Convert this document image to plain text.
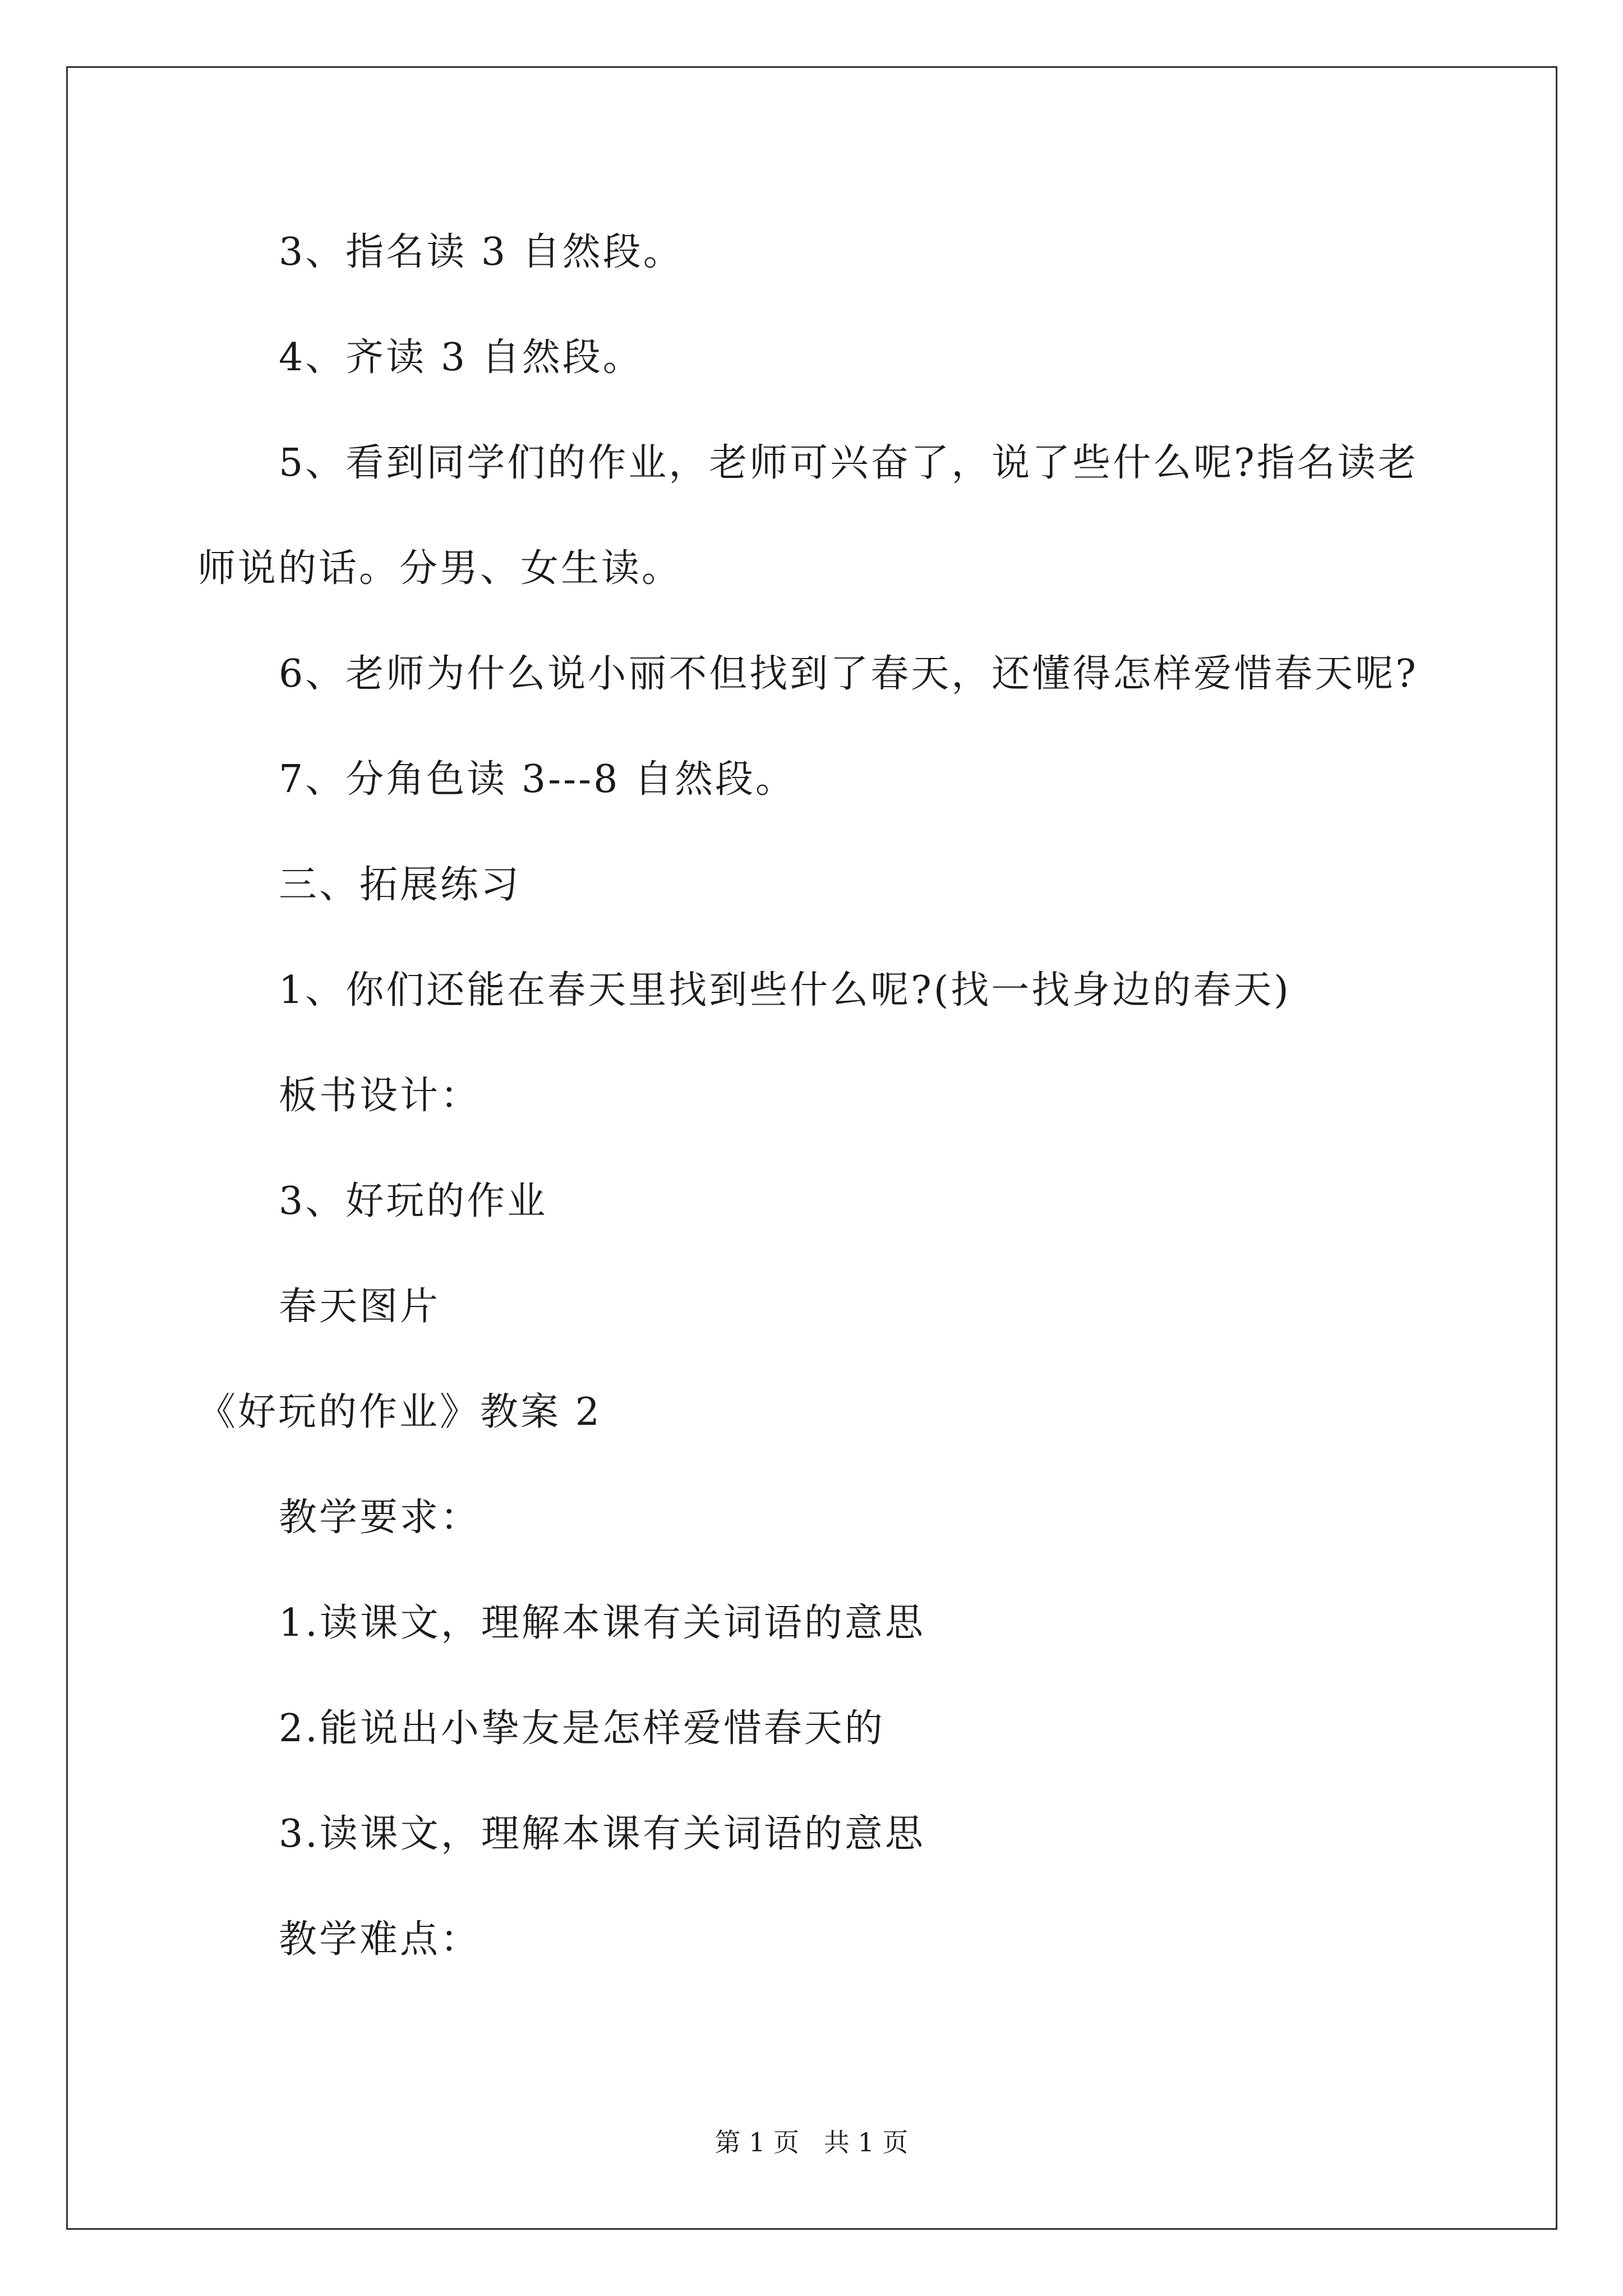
3、指名读 3 自然段。
4、齐读 3 自然段。
5、看到同学们的作业，老师可兴奋了，说了些什么呢?指名读老
师说的话。分男、女生读。
6、老师为什么说小丽不但找到了春天，还懂得怎样爱惜春天呢?
7、分角色读 3---8 自然段。
三、拓展练习
1、你们还能在春天里找到些什么呢?(找一找身边的春天)
板书设计：
3、好玩的作业
春天图片
《好玩的作业》教案 2
教学要求：
1.读课文，理解本课有关词语的意思
2.能说出小挚友是怎样爱惜春天的
3.读课文，理解本课有关词语的意思
教学难点：
第 1 页   共 1 页
